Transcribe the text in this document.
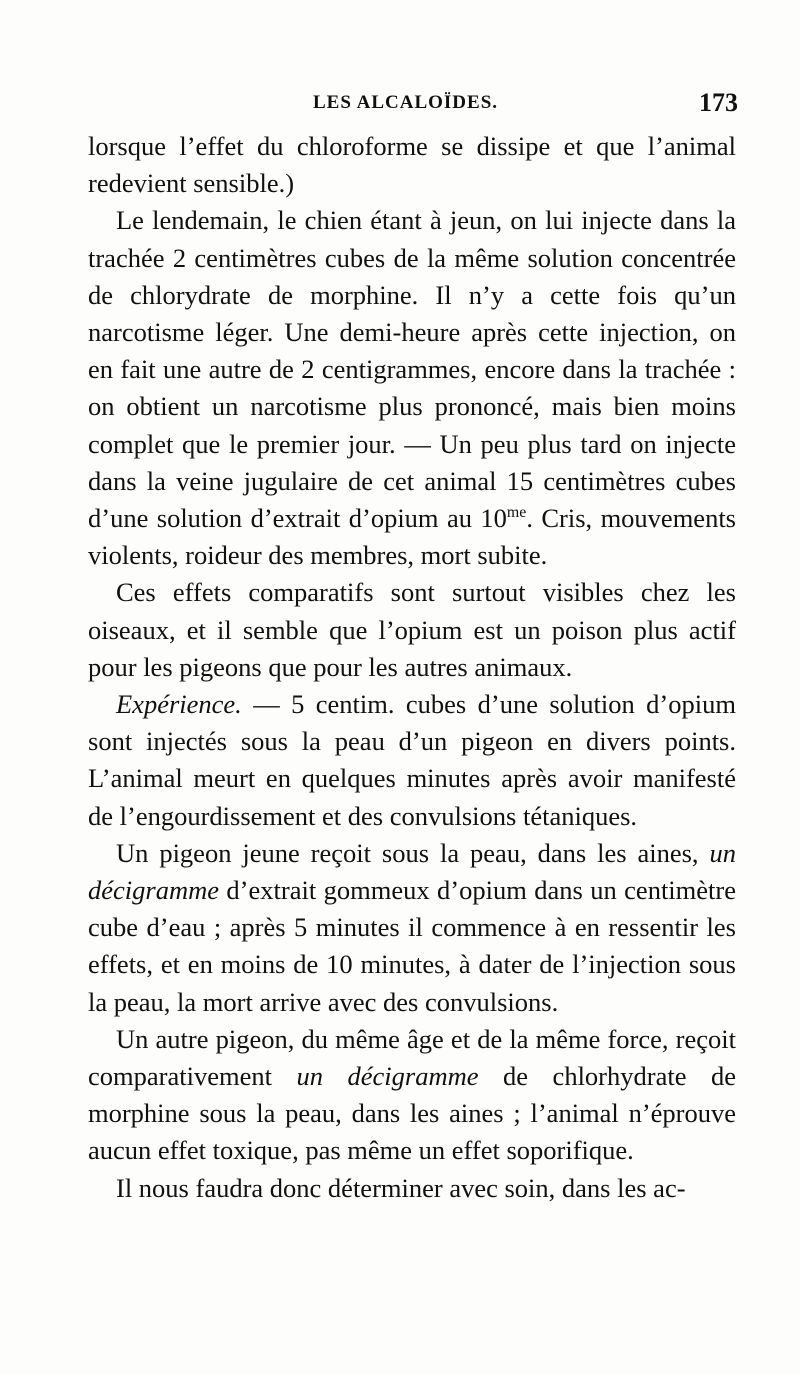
LES ALCALOÏDES.	173

lorsque l’effet du chloroforme se dissipe et que l’animal redevient sensible.)

Le lendemain, le chien étant à jeun, on lui injecte dans la trachée 2 centimètres cubes de la même solution concentrée de chlorydrate de morphine. Il n’y a cette fois qu’un narcotisme léger. Une demi-heure après cette injection, on en fait une autre de 2 centigrammes, encore dans la trachée : on obtient un narcotisme plus prononcé, mais bien moins complet que le premier jour. — Un peu plus tard on injecte dans la veine jugulaire de cet animal 15 centimètres cubes d’une solution d’extrait d’opium au $10^{me}$. Cris, mouvements violents, roideur des membres, mort subite.

Ces effets comparatifs sont surtout visibles chez les oiseaux, et il semble que l’opium est un poison plus actif pour les pigeons que pour les autres animaux.

Expérience. — 5 centim. cubes d’une solution d’opium sont injectés sous la peau d’un pigeon en divers points. L’animal meurt en quelques minutes après avoir manifesté de l’engourdissement et des convulsions tétaniques.

Un pigeon jeune reçoit sous la peau, dans les aines, un décigramme d’extrait gommeux d’opium dans un centimètre cube d’eau ; après 5 minutes il commence à en ressentir les effets, et en moins de 10 minutes, à dater de l’injection sous la peau, la mort arrive avec des convulsions.

Un autre pigeon, du même âge et de la même force, reçoit comparativement un décigramme de chlorhydrate de morphine sous la peau, dans les aines ; l’animal n’éprouve aucun effet toxique, pas même un effet soporifique.

Il nous faudra donc déterminer avec soin, dans les ac-
